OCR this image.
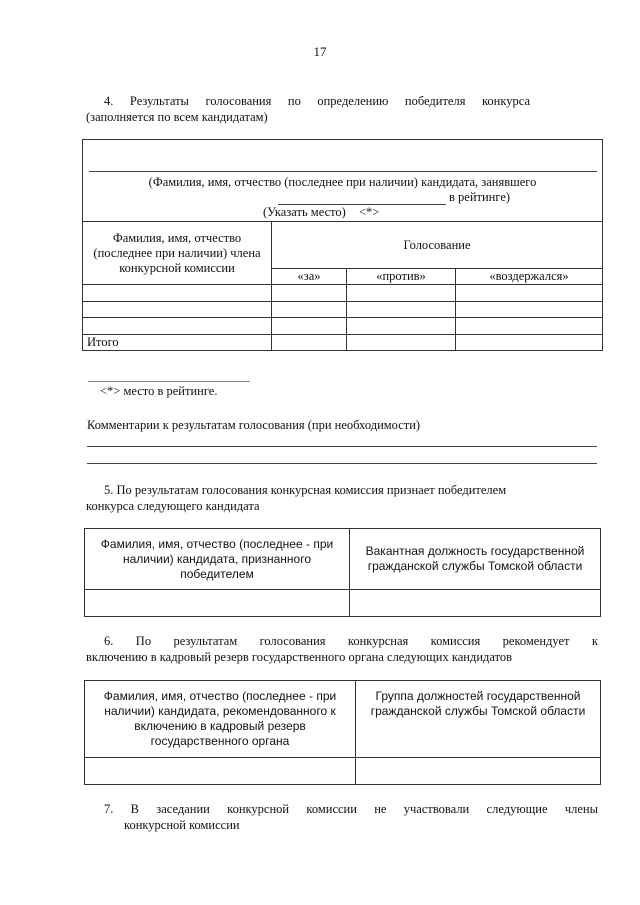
17
4. Результаты голосования по определению победителя конкурса
(заполняется по всем кандидатам)
(Фамилия, имя, отчество (последнее при наличии) кандидата, занявшего
в рейтинге)
(Указать место) <*>
Фамилия, имя, отчество (последнее при наличии) члена конкурсной комиссии	Голосование		
	«за»	«против»	«воздержался»

Итого			
<*> место в рейтинге.
Комментарии к результатам голосования (при необходимости)
5. По результатам голосования конкурсная комиссия признает победителем
конкурса следующего кандидата
Фамилия, имя, отчество (последнее - при наличии) кандидата, признанного победителем	Вакантная должность государственной гражданской службы Томской области

6. По результатам голосования конкурсная комиссия рекомендует к
включению в кадровый резерв государственного органа следующих кандидатов
Фамилия, имя, отчество (последнее - при наличии) кандидата, рекомендованного к включению в кадровый резерв государственного органа	Группа должностей государственной гражданской службы Томской области

7. В заседании конкурсной комиссии не участвовали следующие члены
конкурсной комиссии
